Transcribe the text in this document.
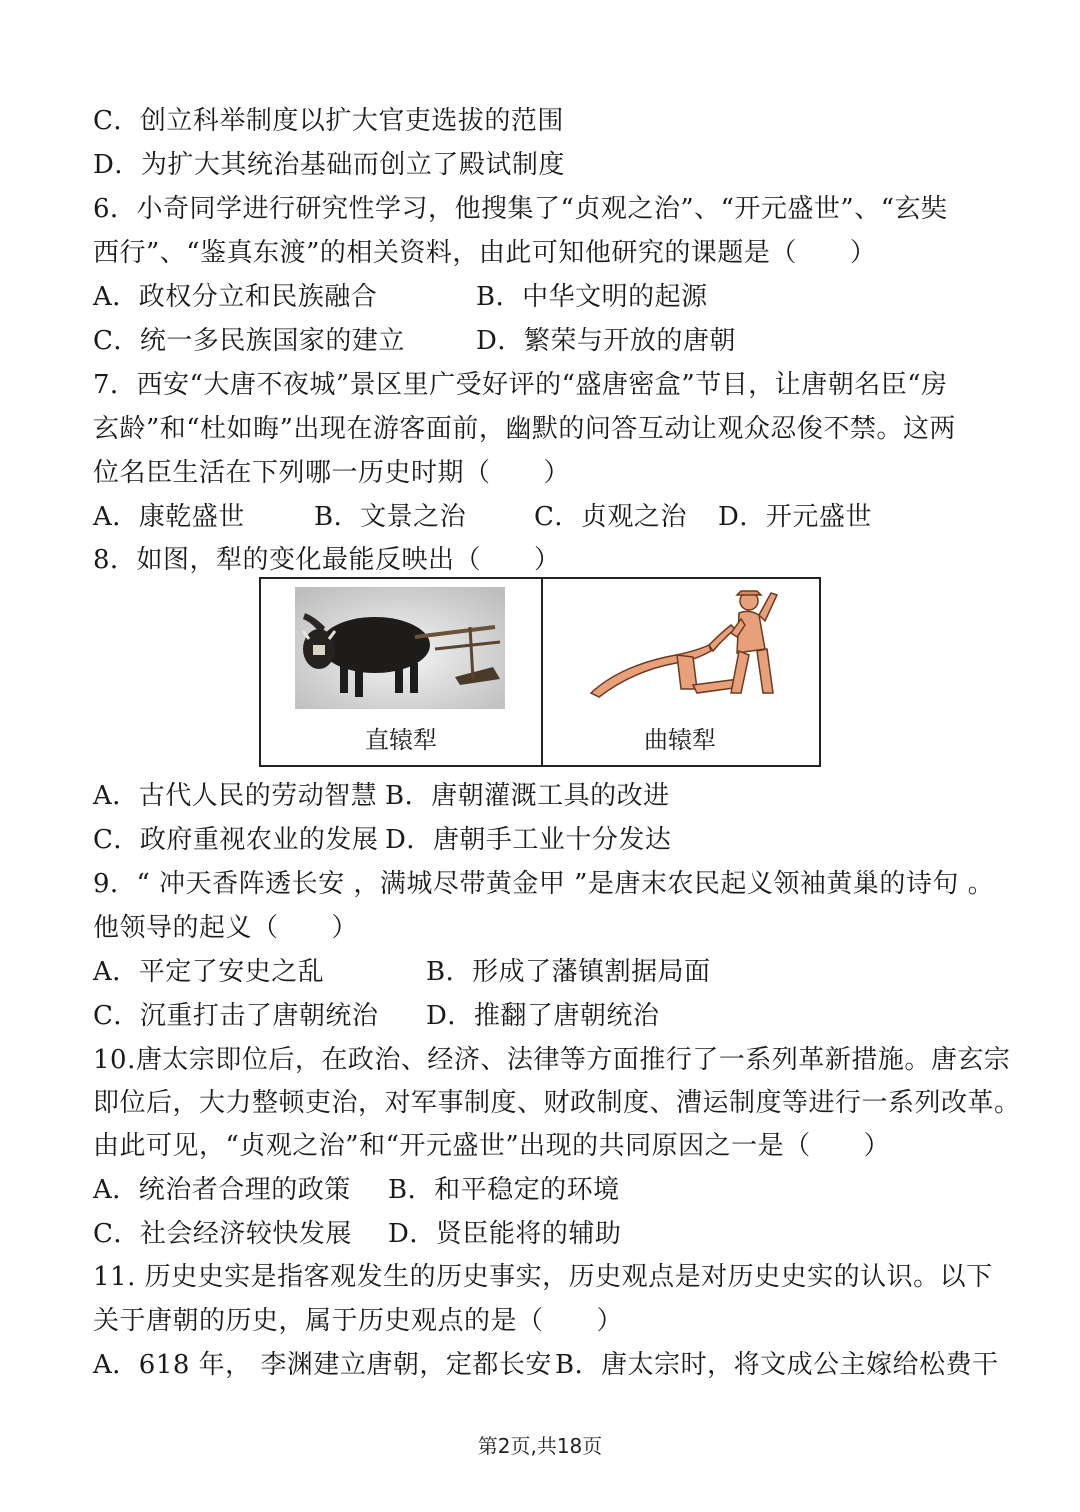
C．创立科举制度以扩大官吏选拔的范围
D．为扩大其统治基础而创立了殿试制度
6．小奇同学进行研究性学习，他搜集了“贞观之治”、“开元盛世”、“玄奘
西行”、“鉴真东渡”的相关资料，由此可知他研究的课题是（　　）
A．政权分立和民族融合	B．中华文明的起源
C．统一多民族国家的建立	D．繁荣与开放的唐朝
7．西安“大唐不夜城”景区里广受好评的“盛唐密盒”节目，让唐朝名臣“房
玄龄”和“杜如晦”出现在游客面前，幽默的问答互动让观众忍俊不禁。这两
位名臣生活在下列哪一历史时期（　　）
A．康乾盛世	B．文景之治	C．贞观之治 D．开元盛世
8．如图，犁的变化最能反映出（　　）
直辕犁	曲辕犁
A．古代人民的劳动智慧 B．唐朝灌溉工具的改进
C．政府重视农业的发展 D．唐朝手工业十分发达
9．“ 冲天香阵透长安 ，满城尽带黄金甲 ”是唐末农民起义领袖黄巢的诗句 。
他领导的起义（　　）
A．平定了安史之乱	B．形成了藩镇割据局面
C．沉重打击了唐朝统治 D．推翻了唐朝统治
10.唐太宗即位后，在政治、经济、法律等方面推行了一系列革新措施。唐玄宗
即位后，大力整顿吏治，对军事制度、财政制度、漕运制度等进行一系列改革。
由此可见，“贞观之治”和“开元盛世”出现的共同原因之一是（　　）
A．统治者合理的政策 B．和平稳定的环境
C．社会经济较快发展 D．贤臣能将的辅助
11. 历史史实是指客观发生的历史事实，历史观点是对历史史实的认识。以下
关于唐朝的历史，属于历史观点的是（　　）
A．618 年， 李渊建立唐朝，定都长安 B．唐太宗时，将文成公主嫁给松费干
第2页,共18页
